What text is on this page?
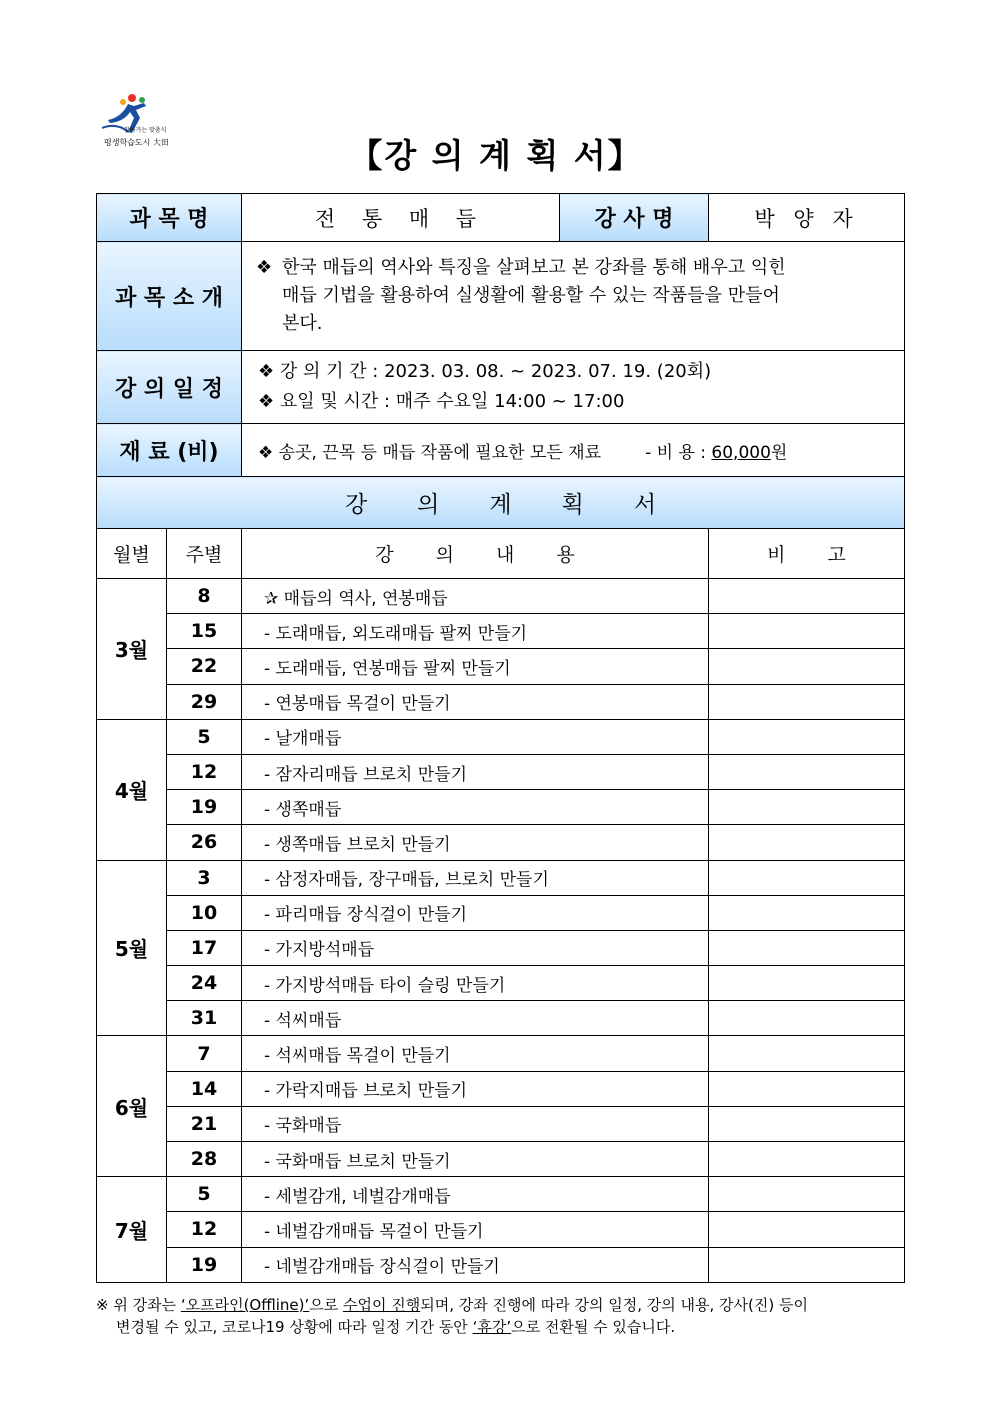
찾아가는 맞춤식
평생학습도시 大田	【강 의 계 획 서】
과 목 명		전 통 매 듭	강 사 명	박 양 자
과 목 소 개		❖ 한국 매듭의 역사와 특징을 살펴보고 본 강좌를 통해 배우고 익힌
매듭 기법을 활용하여 실생활에 활용할 수 있는 작품들을 만들어
본다.		

강 의 일 정		❖ 강 의 기 간 : 2023. 03. 08. ~ 2023. 07. 19. (20회)
❖ 요일 및 시간 : 매주 수요일 14:00 ~ 17:00		

재 료 (비)		❖ 송곳, 끈목 등 매듭 작품에 필요한 모든 재료 - 비 용 : 60,000원		
강의계획서				
월별	주별	강 의 내 용		비 고
3월	8	✰ 매듭의 역사, 연봉매듭		
	15	- 도래매듭, 외도래매듭 팔찌 만들기		
	22	- 도래매듭, 연봉매듭 팔찌 만들기		
	29	- 연봉매듭 목걸이 만들기		
4월	5	- 날개매듭		
	12	- 잠자리매듭 브로치 만들기		
	19	- 생쪽매듭		
	26	- 생쪽매듭 브로치 만들기		
5월	3	- 삼정자매듭, 장구매듭, 브로치 만들기		
	10	- 파리매듭 장식걸이 만들기		
	17	- 가지방석매듭		
	24	- 가지방석매듭 타이 슬링 만들기		
	31	- 석씨매듭		
6월	7	- 석씨매듭 목걸이 만들기		
	14	- 가락지매듭 브로치 만들기		
	21	- 국화매듭		
	28	- 국화매듭 브로치 만들기		
7월	5	- 세벌감개, 네벌감개매듭		
	12	- 네벌감개매듭 목걸이 만들기		
	19	- 네벌감개매듭 장식걸이 만들기		
※ 위 강좌는 ‘오프라인(Offline)’으로 수업이 진행되며, 강좌 진행에 따라 강의 일정, 강의 내용, 강사(진) 등이
변경될 수 있고, 코로나19 상황에 따라 일정 기간 동안 ‘휴강’으로 전환될 수 있습니다.
